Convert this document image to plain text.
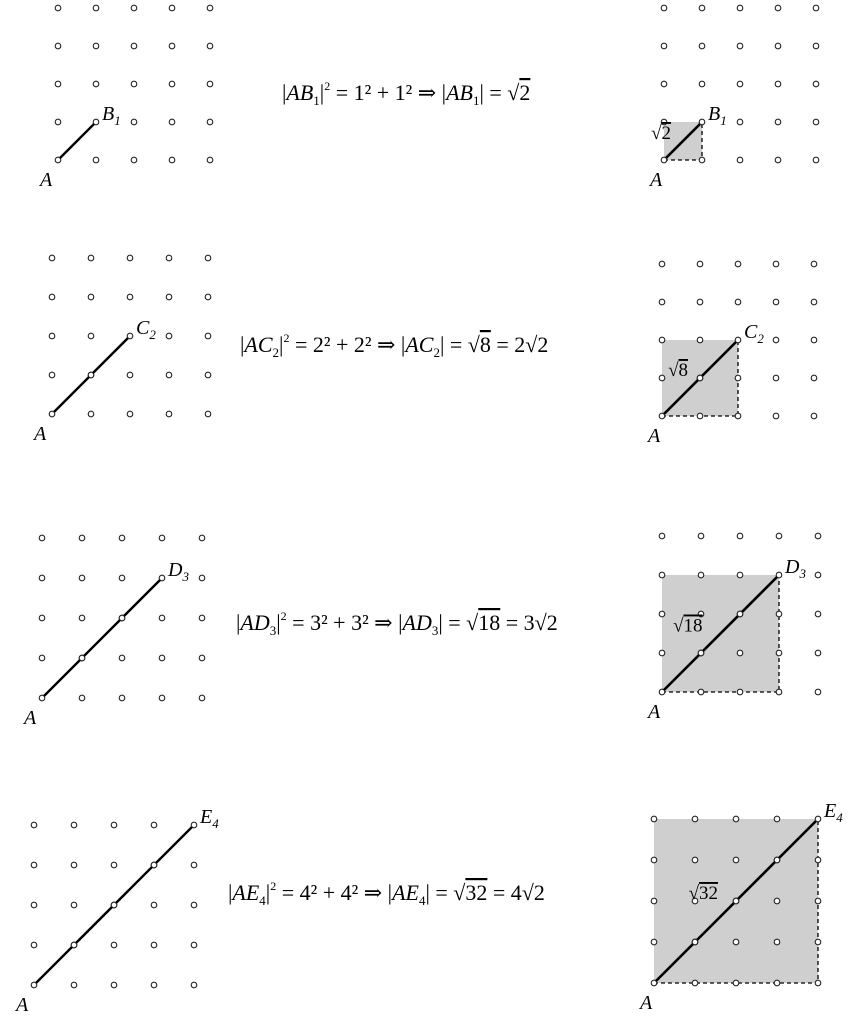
A
$B_1$
$|AB_1|^2 = 1^2 + 1^2$ ⇒ $|AB_1| = √2$
√2
A
$B_1$
A
$C_2$	$|AC_2|^2 = 2^2 + 2^2$ ⇒ $|AC_2| = √8 = 2√2$
√8
A
$C_2$
A
$D_3$
$|AD_3|^2 = 3^2 + 3^2$ ⇒ $|AD_3| = √18 = 3√2$	√18
A
$D_3$
A
$E_4$
$|AE_4|^2 = 4^2 + 4^2$ ⇒ $|AE_4| = √32 = 4√2$	√32
A
$E_4$
